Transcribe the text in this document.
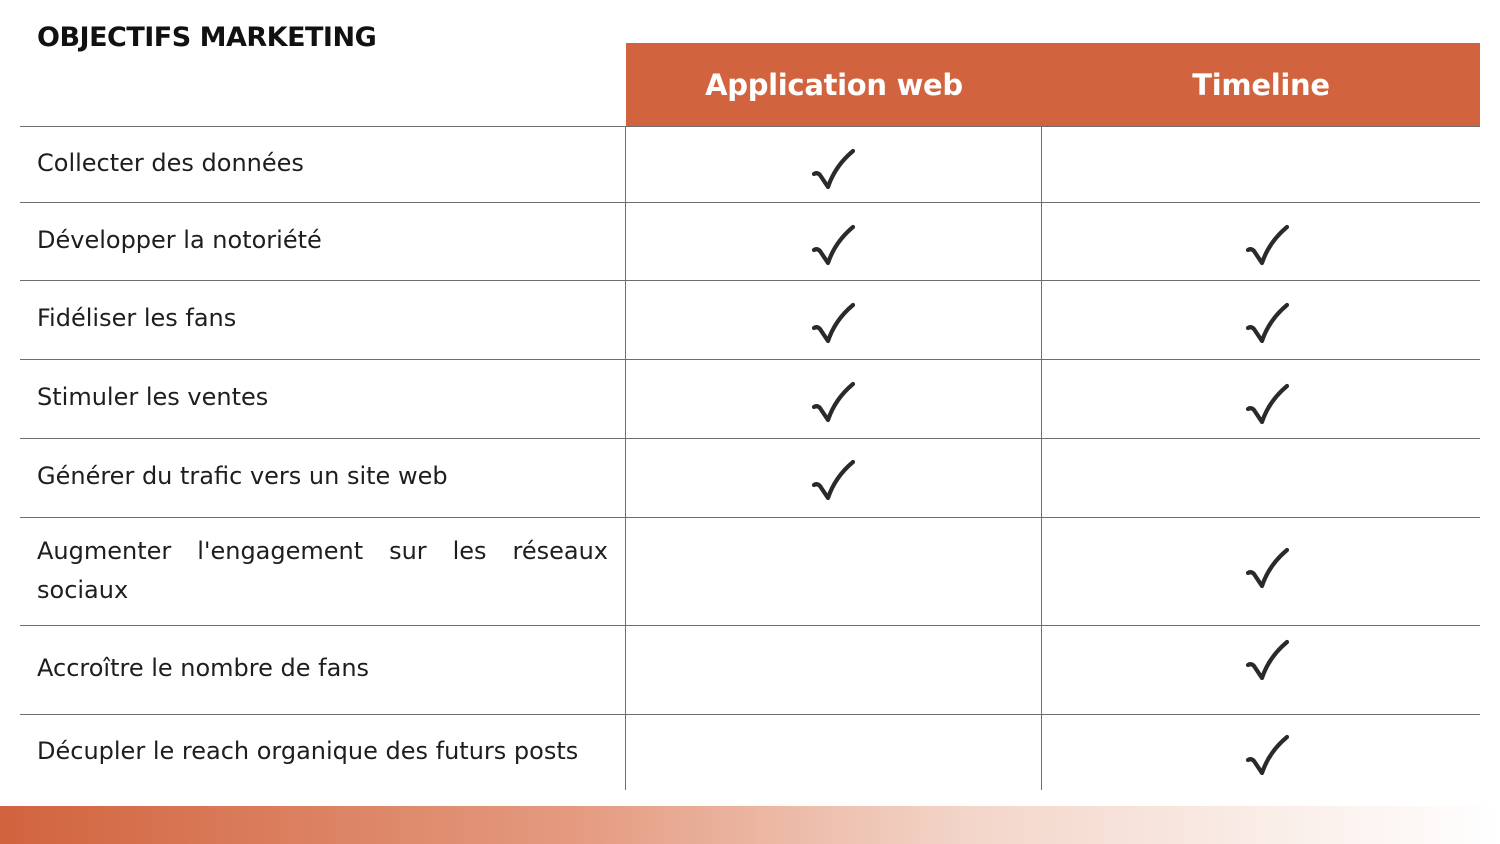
OBJECTIFS MARKETING
Application web	Timeline
Collecter des données
Développer la notoriété
Fidéliser les fans
Stimuler les ventes
Générer du trafic vers un site web
Augmenter l'engagement sur les réseaux sociaux
Accroître le nombre de fans
Décupler le reach organique des futurs posts
